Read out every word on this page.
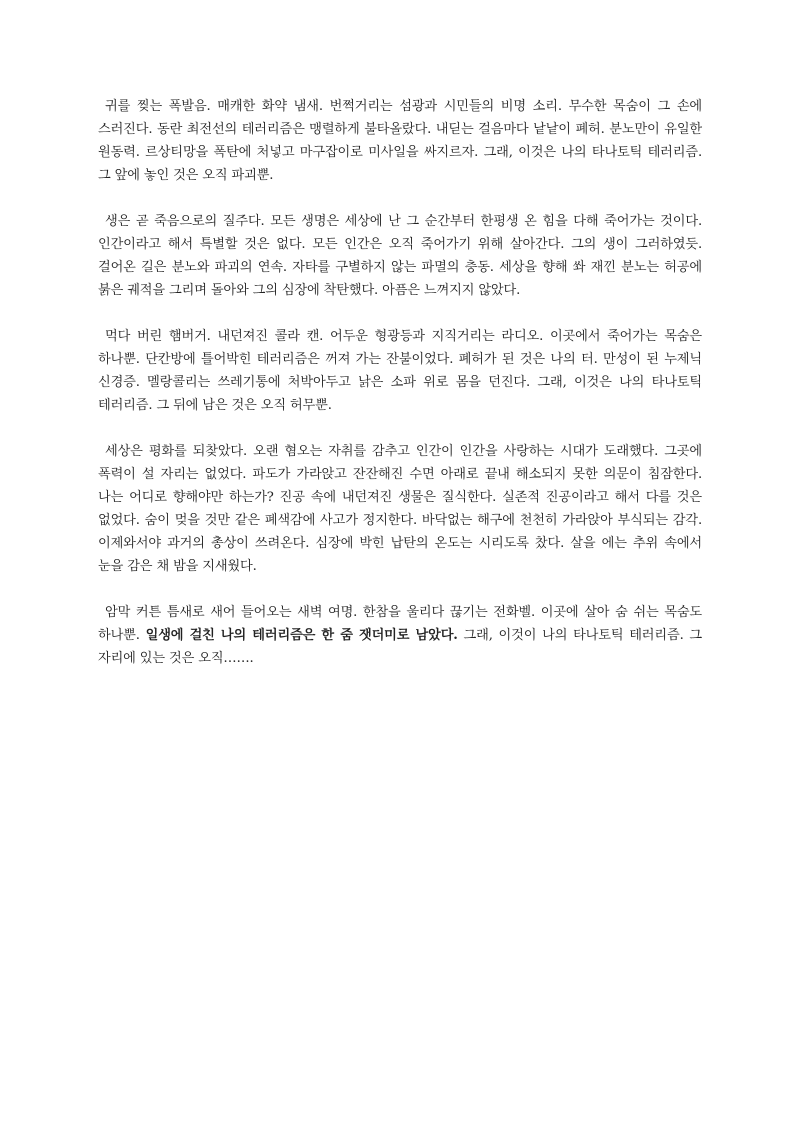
귀를 찢는 폭발음. 매캐한 화약 냄새. 번쩍거리는 섬광과 시민들의 비명 소리. 무수한 목숨이 그 손에 스러진다. 동란 최전선의 테러리즘은 맹렬하게 불타올랐다. 내딛는 걸음마다 낱낱이 폐허. 분노만이 유일한 원동력. 르상티망을 폭탄에 처넣고 마구잡이로 미사일을 싸지르자. 그래, 이것은 나의 타나토틱 테러리즘. 그 앞에 놓인 것은 오직 파괴뿐.

생은 곧 죽음으로의 질주다. 모든 생명은 세상에 난 그 순간부터 한평생 온 힘을 다해 죽어가는 것이다. 인간이라고 해서 특별할 것은 없다. 모든 인간은 오직 죽어가기 위해 살아간다. 그의 생이 그러하였듯. 걸어온 길은 분노와 파괴의 연속. 자타를 구별하지 않는 파멸의 충동. 세상을 향해 쏴 재낀 분노는 허공에 붉은 궤적을 그리며 돌아와 그의 심장에 착탄했다. 아픔은 느껴지지 않았다.

먹다 버린 햄버거. 내던져진 콜라 캔. 어두운 형광등과 지직거리는 라디오. 이곳에서 죽어가는 목숨은 하나뿐. 단칸방에 틀어박힌 테러리즘은 꺼져 가는 잔불이었다. 폐허가 된 것은 나의 터. 만성이 된 누제닉 신경증. 멜랑콜리는 쓰레기통에 처박아두고 낡은 소파 위로 몸을 던진다. 그래, 이것은 나의 타나토틱 테러리즘. 그 뒤에 남은 것은 오직 허무뿐.

세상은 평화를 되찾았다. 오랜 혐오는 자취를 감추고 인간이 인간을 사랑하는 시대가 도래했다. 그곳에 폭력이 설 자리는 없었다. 파도가 가라앉고 잔잔해진 수면 아래로 끝내 해소되지 못한 의문이 침잠한다. 나는 어디로 향해야만 하는가? 진공 속에 내던져진 생물은 질식한다. 실존적 진공이라고 해서 다를 것은 없었다. 숨이 멎을 것만 같은 폐색감에 사고가 정지한다. 바닥없는 해구에 천천히 가라앉아 부식되는 감각. 이제와서야 과거의 총상이 쓰려온다. 심장에 박힌 납탄의 온도는 시리도록 찼다. 살을 에는 추위 속에서 눈을 감은 채 밤을 지새웠다.

암막 커튼 틈새로 새어 들어오는 새벽 여명. 한참을 울리다 끊기는 전화벨. 이곳에 살아 숨 쉬는 목숨도 하나뿐. 일생에 걸친 나의 테러리즘은 한 줌 잿더미로 남았다. 그래, 이것이 나의 타나토틱 테러리즘. 그 자리에 있는 것은 오직…….
